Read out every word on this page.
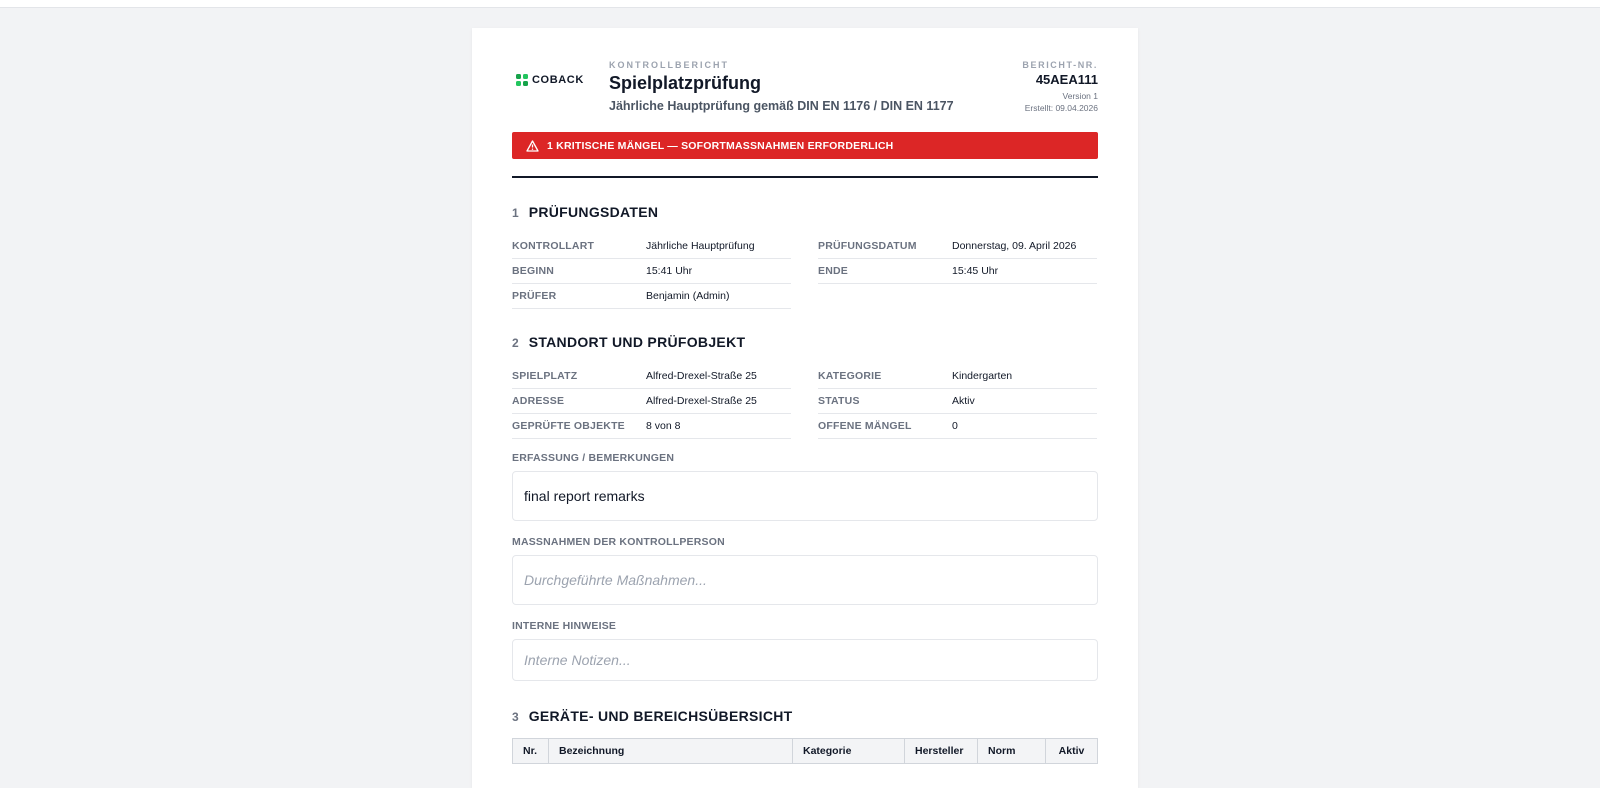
COBACK
KONTROLLBERICHT
Spielplatzprüfung
Jährliche Hauptprüfung gemäß DIN EN 1176 / DIN EN 1177
BERICHT-NR.
45AEA111
Version 1
Erstellt: 09.04.2026
1 KRITISCHE MÄNGEL — SOFORTMASSNAHMEN ERFORDERLICH
1 PRÜFUNGSDATEN
KONTROLLART	Jährliche Hauptprüfung
BEGINN	15:41 Uhr
PRÜFER	Benjamin (Admin)
PRÜFUNGSDATUM	Donnerstag, 09. April 2026
ENDE	15:45 Uhr
2 STANDORT UND PRÜFOBJEKT
SPIELPLATZ	Alfred-Drexel-Straße 25
ADRESSE	Alfred-Drexel-Straße 25
GEPRÜFTE OBJEKTE	8 von 8
KATEGORIE	Kindergarten
STATUS	Aktiv
OFFENE MÄNGEL	0
ERFASSUNG / BEMERKUNGEN
final report remarks
MASSNAHMEN DER KONTROLLPERSON
Durchgeführte Maßnahmen...
INTERNE HINWEISE
Interne Notizen...
3 GERÄTE- UND BEREICHSÜBERSICHT
Nr.	Bezeichnung	Kategorie	Hersteller	Norm	Aktiv
